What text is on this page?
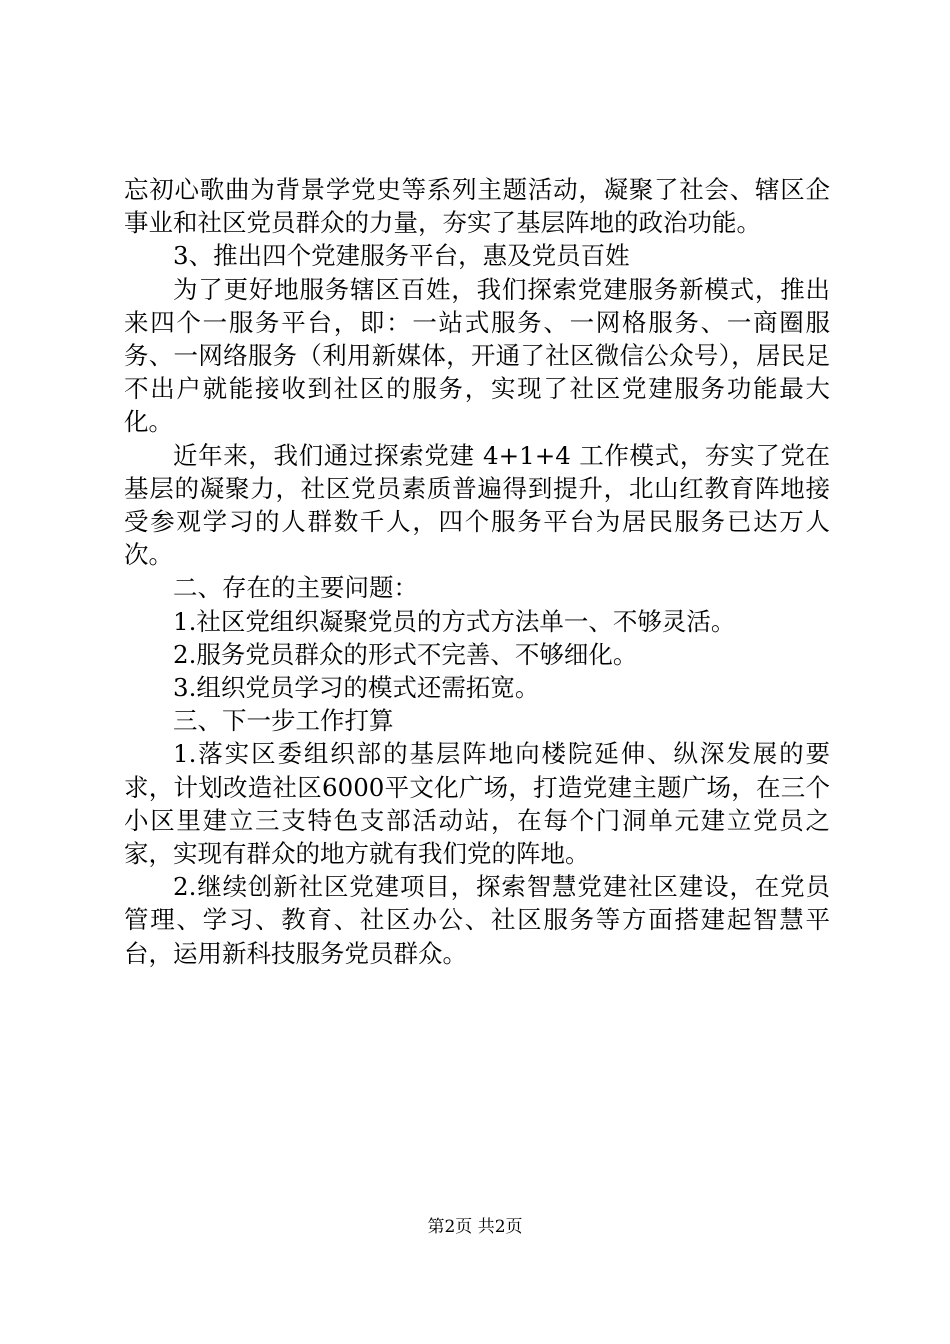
忘初心歌曲为背景学党史等系列主题活动，凝聚了社会、辖区企事业和社区党员群众的力量，夯实了基层阵地的政治功能。

3、推出四个党建服务平台，惠及党员百姓

为了更好地服务辖区百姓，我们探索党建服务新模式，推出来四个一服务平台，即：一站式服务、一网格服务、一商圈服务、一网络服务（利用新媒体，开通了社区微信公众号），居民足不出户就能接收到社区的服务，实现了社区党建服务功能最大化。

近年来，我们通过探索党建 4+1+4 工作模式，夯实了党在基层的凝聚力，社区党员素质普遍得到提升，北山红教育阵地接受参观学习的人群数千人，四个服务平台为居民服务已达万人次。

二、存在的主要问题：

1.社区党组织凝聚党员的方式方法单一、不够灵活。

2.服务党员群众的形式不完善、不够细化。

3.组织党员学习的模式还需拓宽。

三、下一步工作打算

1.落实区委组织部的基层阵地向楼院延伸、纵深发展的要求，计划改造社区6000平文化广场，打造党建主题广场，在三个小区里建立三支特色支部活动站，在每个门洞单元建立党员之家，实现有群众的地方就有我们党的阵地。

2.继续创新社区党建项目，探索智慧党建社区建设，在党员管理、学习、教育、社区办公、社区服务等方面搭建起智慧平台，运用新科技服务党员群众。

第2页 共2页
